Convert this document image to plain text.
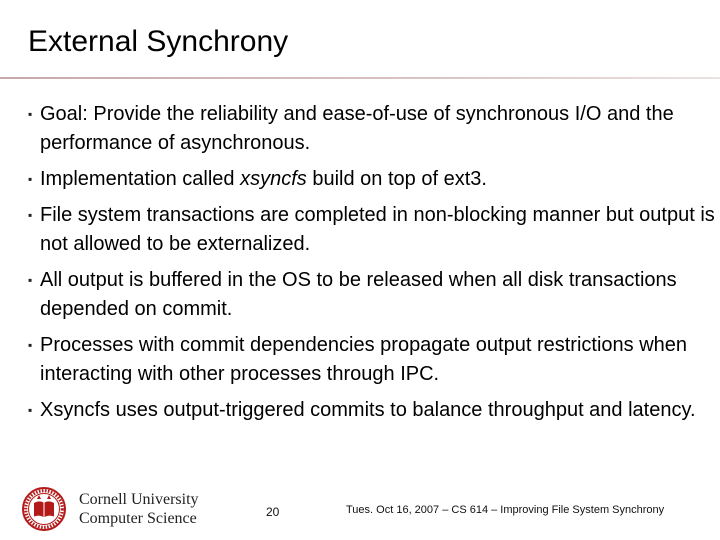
External Synchrony
▪
Goal: Provide the reliability and ease-of-use of synchronous I/O and the performance of asynchronous.
▪
Implementation called xsyncfs build on top of ext3.
▪
File system transactions are completed in non-blocking manner but output is not allowed to be externalized.
▪
All output is buffered in the OS to be released when all disk transactions depended on commit.
▪
Processes with commit dependencies propagate output restrictions when interacting with other processes through IPC.
▪
Xsyncfs uses output-triggered commits to balance throughput and latency.
Cornell University
Computer Science	20	Tues. Oct 16, 2007 – CS 614 – Improving File System Synchrony
